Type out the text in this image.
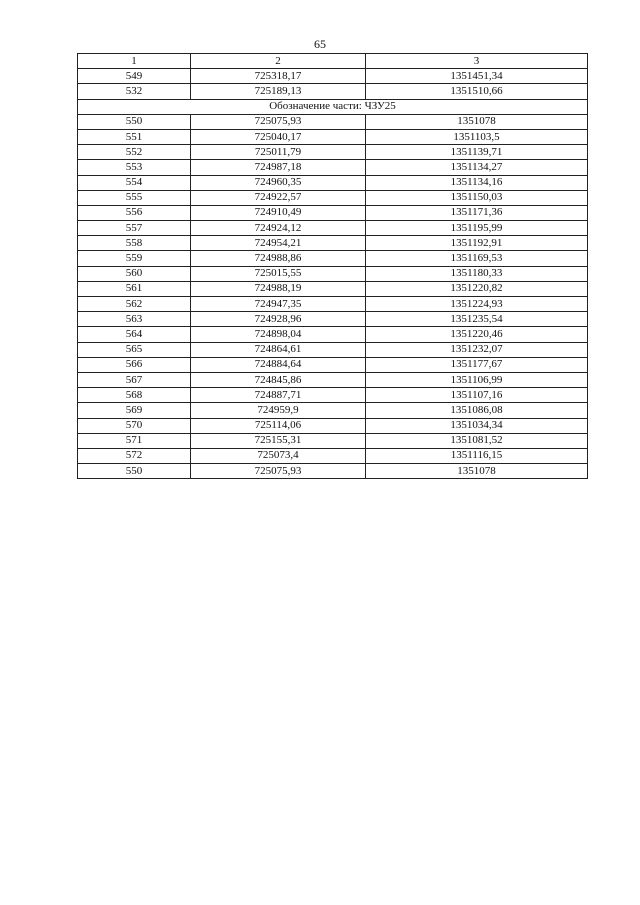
65
1	2	3
549	725318,17	1351451,34
532	725189,13	1351510,66
Обозначение части: ЧЗУ25		
550	725075,93	1351078
551	725040,17	1351103,5
552	725011,79	1351139,71
553	724987,18	1351134,27
554	724960,35	1351134,16
555	724922,57	1351150,03
556	724910,49	1351171,36
557	724924,12	1351195,99
558	724954,21	1351192,91
559	724988,86	1351169,53
560	725015,55	1351180,33
561	724988,19	1351220,82
562	724947,35	1351224,93
563	724928,96	1351235,54
564	724898,04	1351220,46
565	724864,61	1351232,07
566	724884,64	1351177,67
567	724845,86	1351106,99
568	724887,71	1351107,16
569	724959,9	1351086,08
570	725114,06	1351034,34
571	725155,31	1351081,52
572	725073,4	1351116,15
550	725075,93	1351078
